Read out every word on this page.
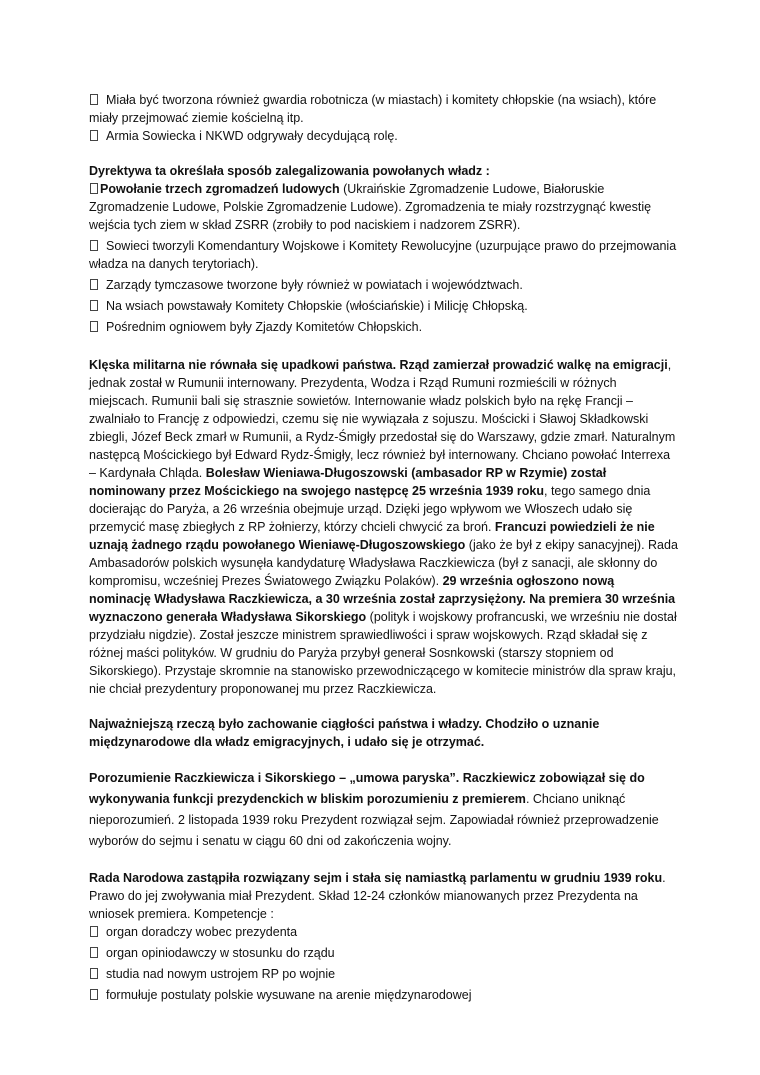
Miała być tworzona również gwardia robotnicza (w miastach) i komitety chłopskie (na wsiach), które miały przejmować ziemie kościelną itp.

Armia Sowiecka i NKWD odgrywały decydującą rolę.

Dyrektywa ta określała sposób zalegalizowania powołanych władz :

Powołanie trzech zgromadzeń ludowych (Ukraińskie Zgromadzenie Ludowe, Białoruskie Zgromadzenie Ludowe, Polskie Zgromadzenie Ludowe). Zgromadzenia te miały rozstrzygnąć kwestię wejścia tych ziem w skład ZSRR (zrobiły to pod naciskiem i nadzorem ZSRR).

Sowieci tworzyli Komendantury Wojskowe i Komitety Rewolucyjne (uzurpujące prawo do przejmowania władza na danych terytoriach).

Zarządy tymczasowe tworzone były również w powiatach i województwach.

Na wsiach powstawały Komitety Chłopskie (włościańskie) i Milicję Chłopską.

Pośrednim ogniowem były Zjazdy Komitetów Chłopskich.

Klęska militarna nie równała się upadkowi państwa. Rząd zamierzał prowadzić walkę na emigracji, jednak został w Rumunii internowany. Prezydenta, Wodza i Rząd Rumuni rozmieścili w różnych miejscach. Rumunii bali się strasznie sowietów. Internowanie władz polskich było na rękę Francji – zwalniało to Francję z odpowiedzi, czemu się nie wywiązała z sojuszu. Mościcki i Sławoj Składkowski zbiegli, Józef Beck zmarł w Rumunii, a Rydz-Śmigły przedostał się do Warszawy, gdzie zmarł. Naturalnym następcą Mościckiego był Edward Rydz-Śmigły, lecz również był internowany. Chciano powołać Interrexa – Kardynała Chląda. Bolesław Wieniawa-Długoszowski (ambasador RP w Rzymie) został nominowany przez Mościckiego na swojego następcę 25 września 1939 roku, tego samego dnia docierając do Paryża, a 26 września obejmuje urząd. Dzięki jego wpływom we Włoszech udało się przemycić masę zbiegłych z RP żołnierzy, którzy chcieli chwycić za broń. Francuzi powiedzieli że nie uznają żadnego rządu powołanego Wieniawę-Długoszowskiego (jako że był z ekipy sanacyjnej). Rada Ambasadorów polskich wysunęła kandydaturę Władysława Raczkiewicza (był z sanacji, ale skłonny do kompromisu, wcześniej Prezes Światowego Związku Polaków). 29 września ogłoszono nową nominację Władysława Raczkiewicza, a 30 września został zaprzysiężony. Na premiera 30 września wyznaczono generała Władysława Sikorskiego (polityk i wojskowy profrancuski, we wrześniu nie dostał przydziału nigdzie). Został jeszcze ministrem sprawiedliwości i spraw wojskowych. Rząd składał się z różnej maści polityków. W grudniu do Paryża przybył generał Sosnkowski (starszy stopniem od Sikorskiego). Przystaje skromnie na stanowisko przewodniczącego w komitecie ministrów dla spraw kraju, nie chciał prezydentury proponowanej mu przez Raczkiewicza.

Najważniejszą rzeczą było zachowanie ciągłości państwa i władzy. Chodziło o uznanie międzynarodowe dla władz emigracyjnych, i udało się je otrzymać.

Porozumienie Raczkiewicza i Sikorskiego – „umowa paryska”. Raczkiewicz zobowiązał się do wykonywania funkcji prezydenckich w bliskim porozumieniu z premierem. Chciano uniknąć nieporozumień. 2 listopada 1939 roku Prezydent rozwiązał sejm. Zapowiadał również przeprowadzenie wyborów do sejmu i senatu w ciągu 60 dni od zakończenia wojny.

Rada Narodowa zastąpiła rozwiązany sejm i stała się namiastką parlamentu w grudniu 1939 roku. Prawo do jej zwoływania miał Prezydent. Skład 12-24 członków mianowanych przez Prezydenta na wniosek premiera. Kompetencje :

organ doradczy wobec prezydenta

organ opiniodawczy w stosunku do rządu

studia nad nowym ustrojem RP po wojnie

formułuje postulaty polskie wysuwane na arenie międzynarodowej
